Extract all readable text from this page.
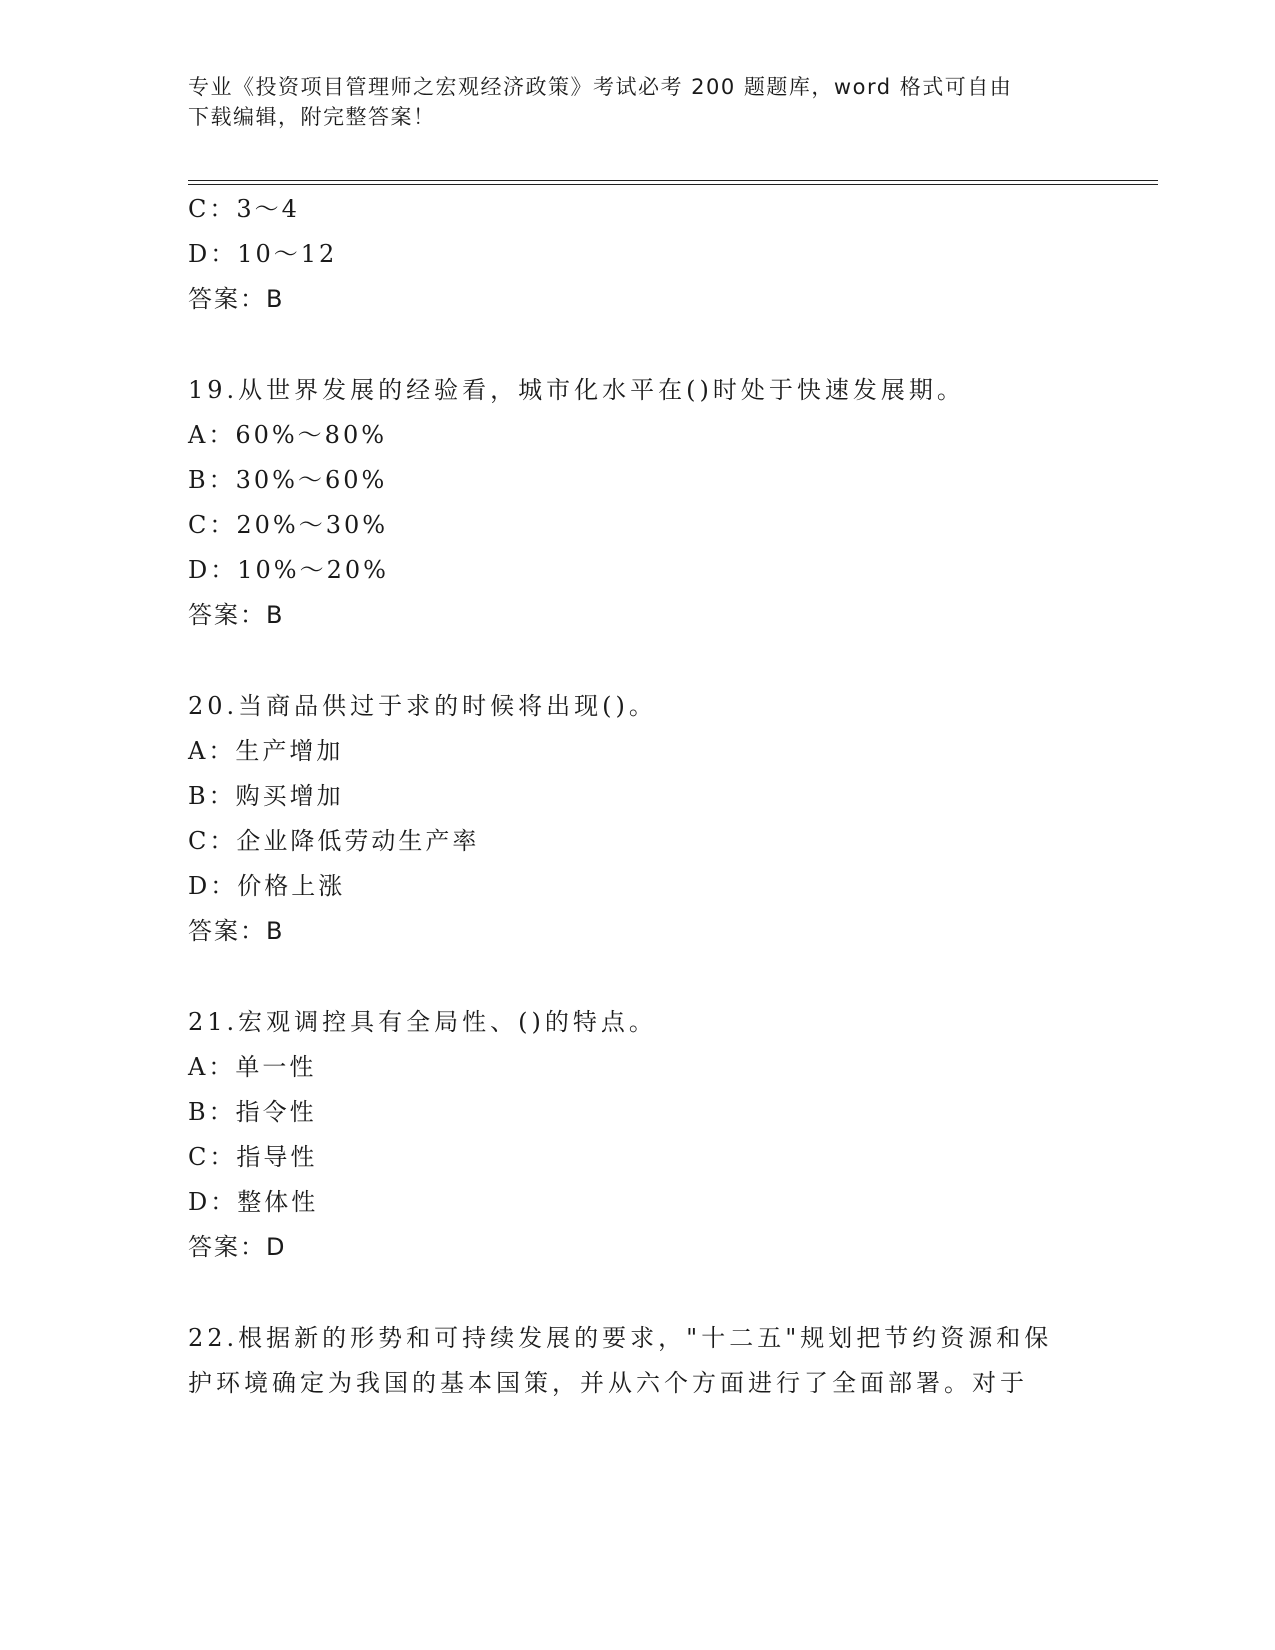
专业《投资项目管理师之宏观经济政策》考试必考 200 题题库，word 格式可自由
下载编辑，附完整答案！
C：3～4
D：10～12
答案：B
19.从世界发展的经验看，城市化水平在()时处于快速发展期。
A：60%～80%
B：30%～60%
C：20%～30%
D：10%～20%
答案：B
20.当商品供过于求的时候将出现()。
A：生产增加
B：购买增加
C：企业降低劳动生产率
D：价格上涨
答案：B
21.宏观调控具有全局性、()的特点。
A：单一性
B：指令性
C：指导性
D：整体性
答案：D
22.根据新的形势和可持续发展的要求，"十二五"规划把节约资源和保
护环境确定为我国的基本国策，并从六个方面进行了全面部署。对于
